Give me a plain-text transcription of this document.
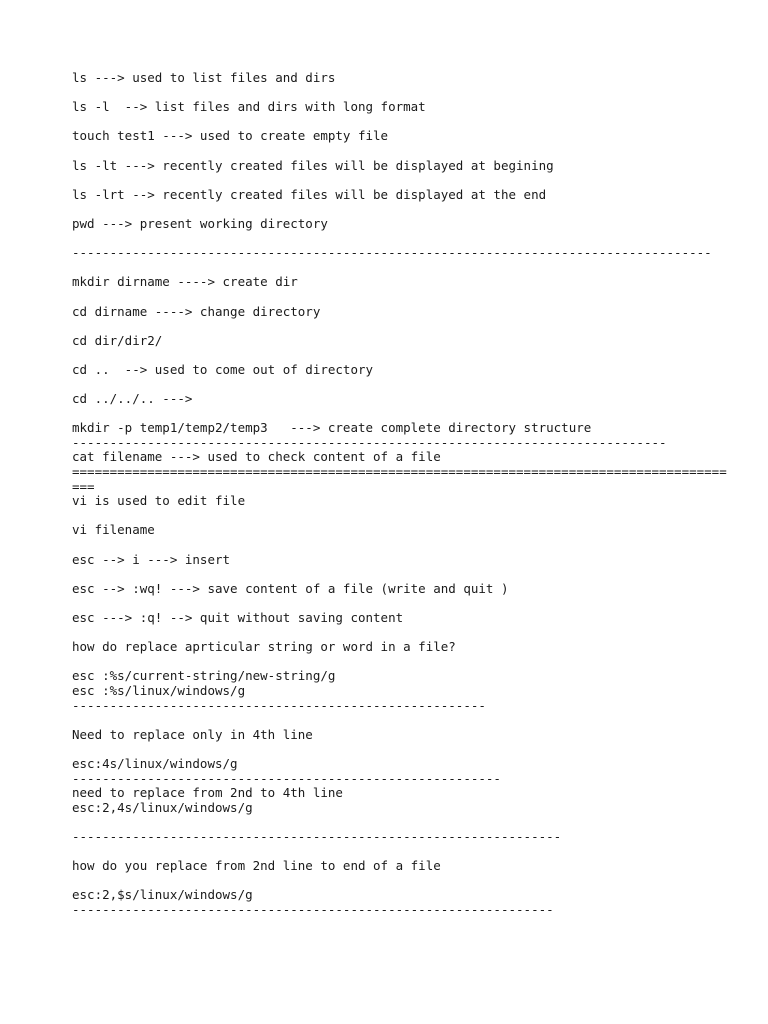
ls ---> used to list files and dirs
ls -l  --> list files and dirs with long format
touch test1 ---> used to create empty file
ls -lt ---> recently created files will be displayed at begining
ls -lrt --> recently created files will be displayed at the end
pwd ---> present working directory
-------------------------------------------------------------------------------------
mkdir dirname ----> create dir
cd dirname ----> change directory
cd dir/dir2/
cd ..  --> used to come out of directory
cd ../../.. --->
mkdir -p temp1/temp2/temp3   ---> create complete directory structure
-------------------------------------------------------------------------------
cat filename ---> used to check content of a file
==========================================================================================
vi is used to edit file
vi filename
esc --> i ---> insert
esc --> :wq! ---> save content of a file (write and quit )
esc ---> :q! --> quit without saving content
how do replace aprticular string or word in a file?
esc :%s/current-string/new-string/g
esc :%s/linux/windows/g
-------------------------------------------------------
Need to replace only in 4th line
esc:4s/linux/windows/g
---------------------------------------------------------
need to replace from 2nd to 4th line
esc:2,4s/linux/windows/g
-----------------------------------------------------------------
how do you replace from 2nd line to end of a file
esc:2,$s/linux/windows/g
----------------------------------------------------------------
